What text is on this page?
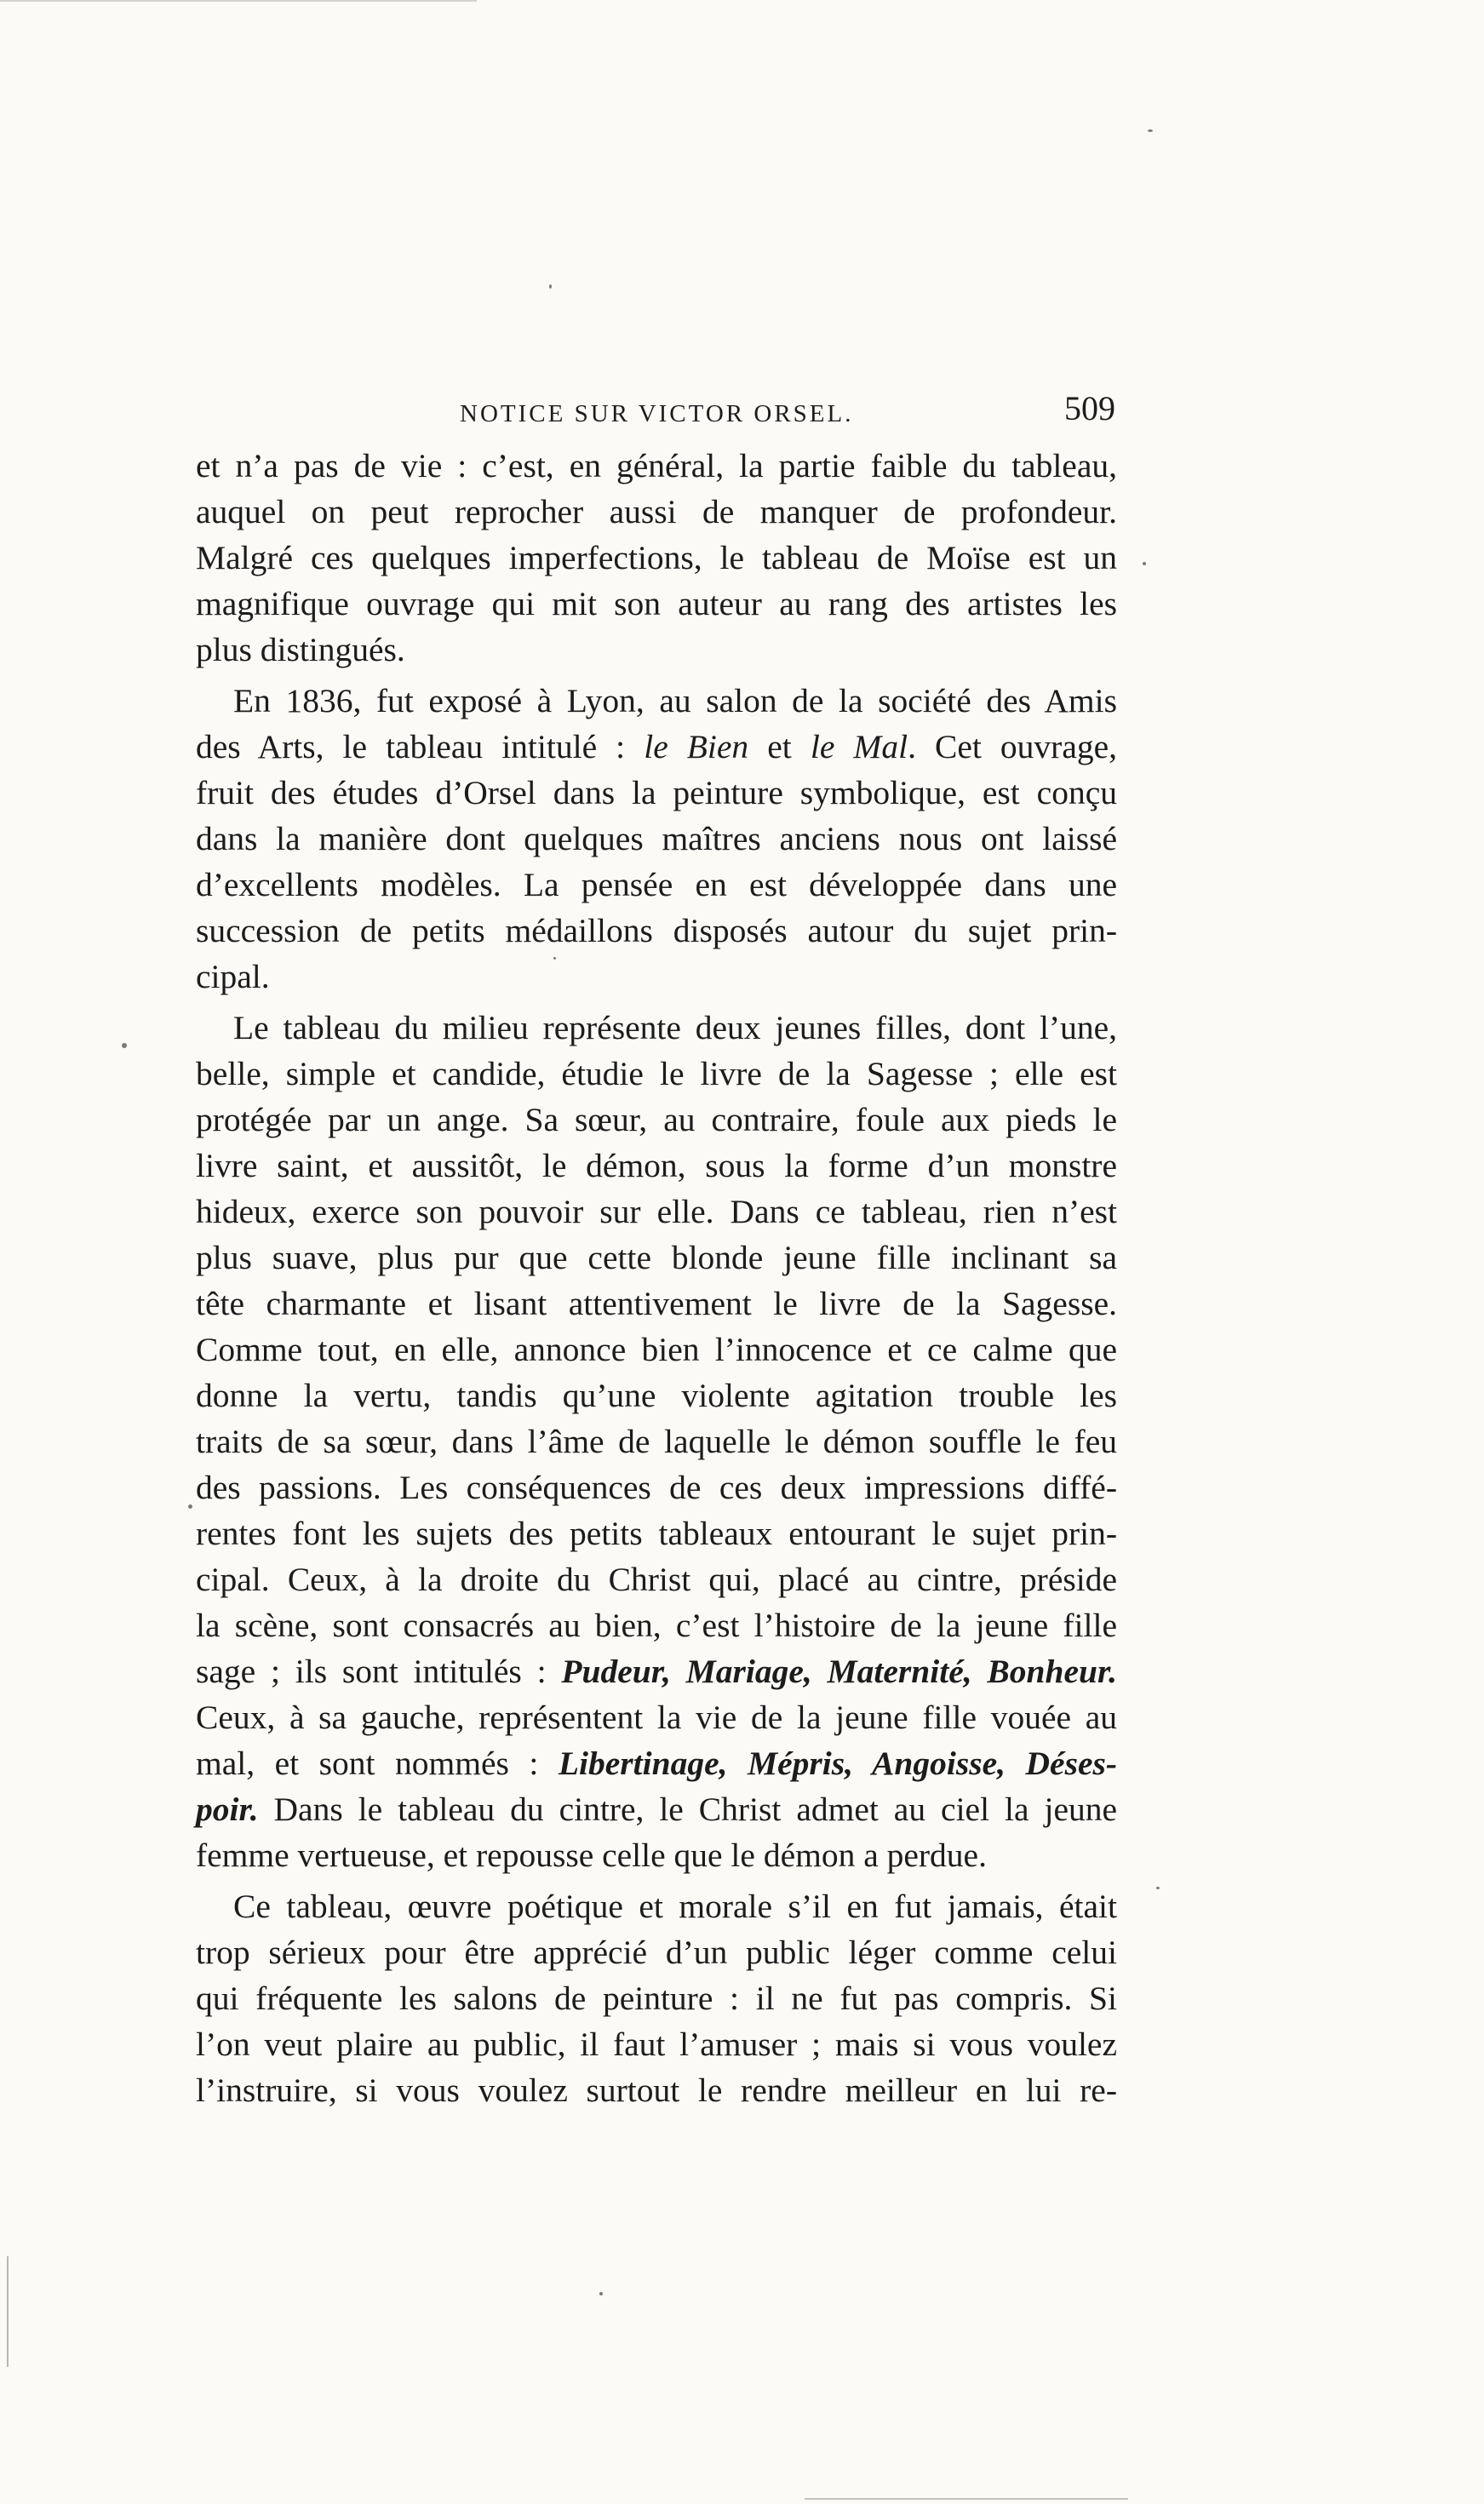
NOTICE SUR VICTOR ORSEL.	509
et n’a pas de vie : c’est, en général, la partie faible du tableau,
auquel on peut reprocher aussi de manquer de profondeur.
Malgré ces quelques imperfections, le tableau de Moïse est un
magnifique ouvrage qui mit son auteur au rang des artistes les
plus distingués.
En 1836, fut exposé à Lyon, au salon de la société des Amis
des Arts, le tableau intitulé : le Bien et le Mal. Cet ouvrage,
fruit des études d’Orsel dans la peinture symbolique, est conçu
dans la manière dont quelques maîtres anciens nous ont laissé
d’excellents modèles. La pensée en est développée dans une
succession de petits médaillons disposés autour du sujet prin-
cipal.
Le tableau du milieu représente deux jeunes filles, dont l’une,
belle, simple et candide, étudie le livre de la Sagesse ; elle est
protégée par un ange. Sa sœur, au contraire, foule aux pieds le
livre saint, et aussitôt, le démon, sous la forme d’un monstre
hideux, exerce son pouvoir sur elle. Dans ce tableau, rien n’est
plus suave, plus pur que cette blonde jeune fille inclinant sa
tête charmante et lisant attentivement le livre de la Sagesse.
Comme tout, en elle, annonce bien l’innocence et ce calme que
donne la vertu, tandis qu’une violente agitation trouble les
traits de sa sœur, dans l’âme de laquelle le démon souffle le feu
des passions. Les conséquences de ces deux impressions diffé-
rentes font les sujets des petits tableaux entourant le sujet prin-
cipal. Ceux, à la droite du Christ qui, placé au cintre, préside
la scène, sont consacrés au bien, c’est l’histoire de la jeune fille
sage ; ils sont intitulés : Pudeur, Mariage, Maternité, Bonheur.
Ceux, à sa gauche, représentent la vie de la jeune fille vouée au
mal, et sont nommés : Libertinage, Mépris, Angoisse, Déses-
poir. Dans le tableau du cintre, le Christ admet au ciel la jeune
femme vertueuse, et repousse celle que le démon a perdue.
Ce tableau, œuvre poétique et morale s’il en fut jamais, était
trop sérieux pour être apprécié d’un public léger comme celui
qui fréquente les salons de peinture : il ne fut pas compris. Si
l’on veut plaire au public, il faut l’amuser ; mais si vous voulez
l’instruire, si vous voulez surtout le rendre meilleur en lui re-
